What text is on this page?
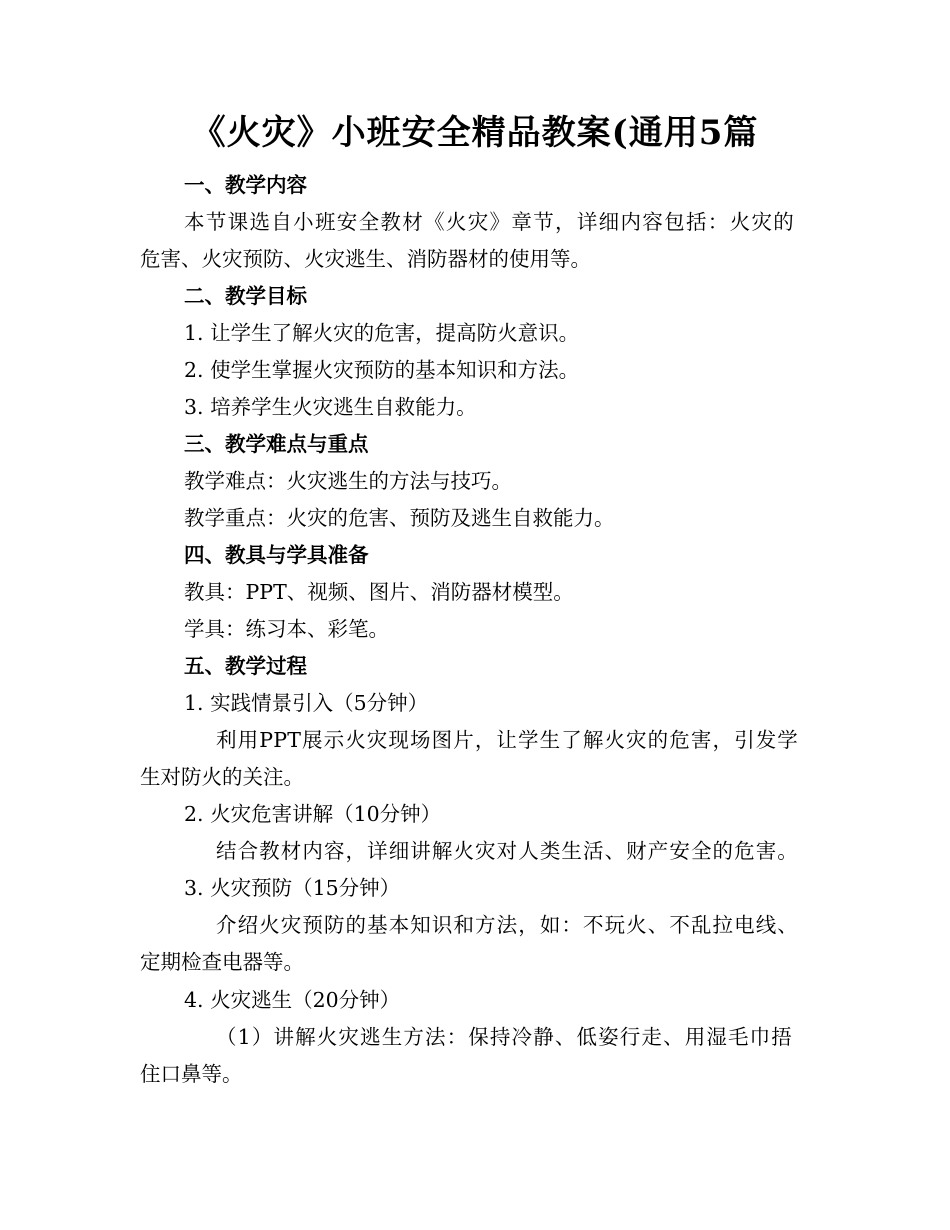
《火灾》小班安全精品教案(通用5篇
一、教学内容
本节课选自小班安全教材《火灾》章节，详细内容包括：火灾的
危害、火灾预防、火灾逃生、消防器材的使用等。
二、教学目标
1. 让学生了解火灾的危害，提高防火意识。
2. 使学生掌握火灾预防的基本知识和方法。
3. 培养学生火灾逃生自救能力。
三、教学难点与重点
教学难点：火灾逃生的方法与技巧。
教学重点：火灾的危害、预防及逃生自救能力。
四、教具与学具准备
教具：PPT、视频、图片、消防器材模型。
学具：练习本、彩笔。
五、教学过程
1. 实践情景引入（5分钟）
利用PPT展示火灾现场图片，让学生了解火灾的危害，引发学
生对防火的关注。
2. 火灾危害讲解（10分钟）
结合教材内容，详细讲解火灾对人类生活、财产安全的危害。
3. 火灾预防（15分钟）
介绍火灾预防的基本知识和方法，如：不玩火、不乱拉电线、
定期检查电器等。
4. 火灾逃生（20分钟）
（1）讲解火灾逃生方法：保持冷静、低姿行走、用湿毛巾捂
住口鼻等。
